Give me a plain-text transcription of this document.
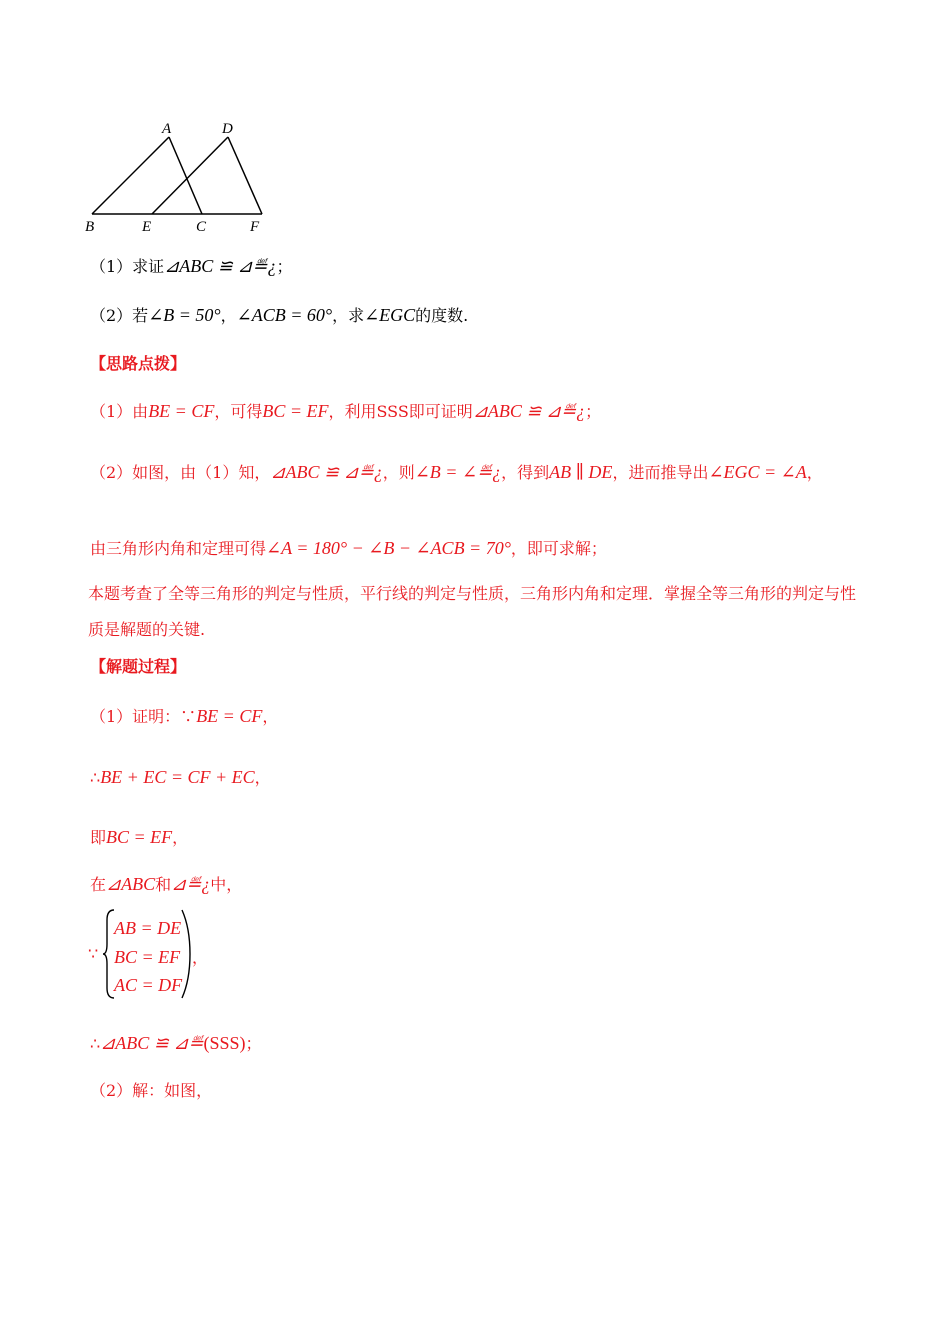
A	D
B	E	C	F
（1）求证⊿ABC ≌ ⊿≝¿；
（2）若∠B = 50°，∠ACB = 60°，求∠EGC的度数.
【思路点拨】
（1）由BE = CF，可得BC = EF，利用SSS即可证明⊿ABC ≌ ⊿≝¿；
（2）如图，由（1）知，⊿ABC ≌ ⊿≝¿，则∠B = ∠≝¿，得到AB ∥ DE，进而推导出∠EGC = ∠A，
由三角形内角和定理可得∠A = 180° − ∠B − ∠ACB = 70°，即可求解；
本题考查了全等三角形的判定与性质，平行线的判定与性质，三角形内角和定理．掌握全等三角形的判定与性质是解题的关键.
【解题过程】
（1）证明：∵BE = CF，
∴BE + EC = CF + EC，
即BC = EF，
在⊿ABC和⊿≝¿中，
∵
AB = DE
BC = EF
AC = DF
，
∴⊿ABC ≌ ⊿≝(SSS)；
（2）解：如图，
